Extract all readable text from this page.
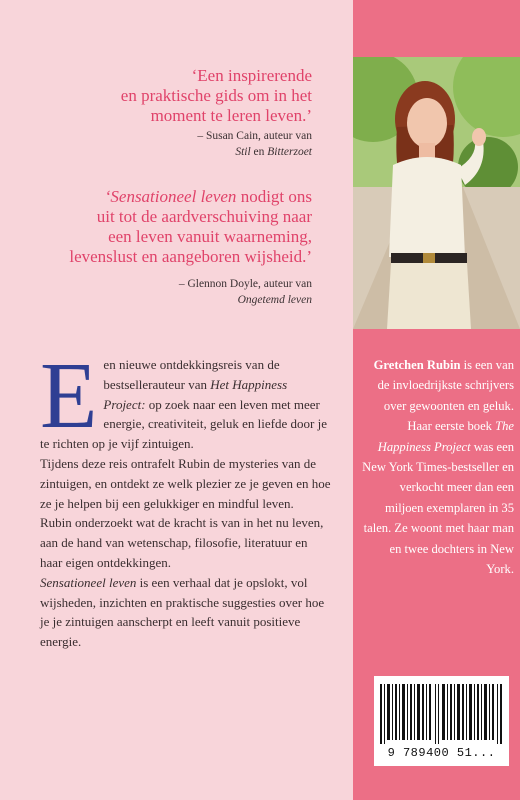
‘Een inspirerende
en praktische gids om in het
moment te leren leven.’
– Susan Cain, auteur van
Stil en Bitterzoet
‘Sensationeel leven nodigt ons
uit tot de aardverschuiving naar
een leven vanuit waarneming,
levenslust en aangeboren wijsheid.’
– Glennon Doyle, auteur van
Ongetemd leven

Een nieuwe ontdekkingsreis van de bestsellerauteur van Het Happiness Project: op zoek naar een leven met meer energie, creativiteit, geluk en liefde door je te richten op je vijf zintuigen.

Tijdens deze reis ontrafelt Rubin de mysteries van de zintuigen, en ontdekt ze welk plezier ze je geven en hoe ze je helpen bij een gelukkiger en mindful leven.

Rubin onderzoekt wat de kracht is van in het nu leven, aan de hand van wetenschap, filosofie, literatuur en haar eigen ontdekkingen.

Sensationeel leven is een verhaal dat je opslokt, vol wijsheden, inzichten en praktische suggesties over hoe je je zintuigen aanscherpt en leeft vanuit positieve energie.

Gretchen Rubin is een van de invloedrijkste schrijvers over gewoonten en geluk. Haar eerste boek The Happiness Project was een New York Times-bestseller en verkocht meer dan een miljoen exemplaren in 35 talen. Ze woont met haar man en twee dochters in New York.
9 789400 51...
